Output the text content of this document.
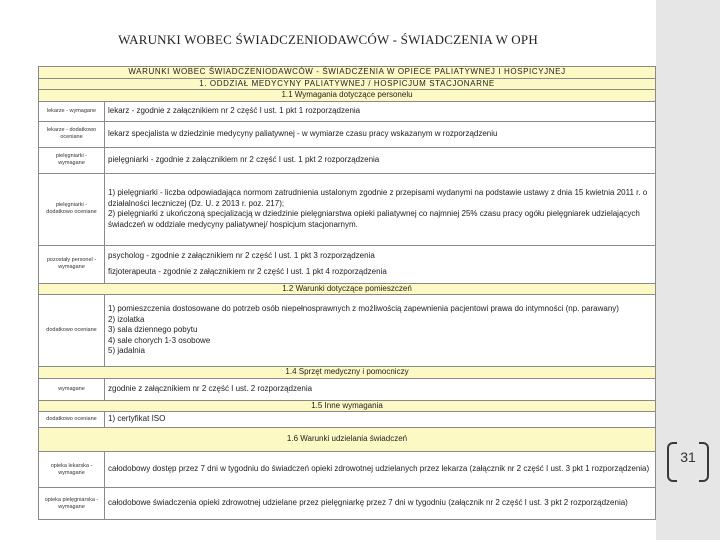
WARUNKI WOBEC ŚWIADCZENIODAWCÓW - ŚWIADCZENIA W OPH
WARUNKI WOBEC ŚWIADCZENIODAWCÓW - ŚWIADCZENIA W OPIECE PALIATYWNEJ I HOSPICYJNEJ	
1. ODDZIAŁ MEDYCYNY PALIATYWNEJ / HOSPICJUM STACJONARNE	
1.1 Wymagania dotyczące personelu	
lekarze - wymagane	lekarz - zgodnie z załącznikiem nr 2 część I ust. 1 pkt 1 rozporządzenia
lekarze - dodatkowo oceniane	lekarz specjalista w dziedzinie medycyny paliatywnej - w wymiarze czasu pracy wskazanym w rozporządzeniu
pielęgniarki - wymagane	pielęgniarki - zgodnie z załącznikiem nr 2 część I ust. 1 pkt 2 rozporządzenia
pielęgniarki - dodatkowo oceniane	1) pielęgniarki - liczba odpowiadająca normom zatrudnienia ustalonym zgodnie z przepisami wydanymi na podstawie ustawy z dnia 15 kwietnia 2011 r. o działalności leczniczej (Dz. U. z 2013 r. poz. 217);
2) pielęgniarki z ukończoną specjalizacją w dziedzinie pielęgniarstwa opieki paliatywnej co najmniej 25% czasu pracy ogółu pielęgniarek udzielających świadczeń w oddziale medycyny paliatywnej/ hospicjum stacjonarnym.

pozostały personel - wymagane	psycholog - zgodnie z załącznikiem nr 2 część I ust. 1 pkt 3 rozporządzenia
fizjoterapeuta - zgodnie z załącznikiem nr 2 część I ust. 1 pkt 4 rozporządzenia

1.2 Warunki dotyczące pomieszczeń	
dodatkowo oceniane	1) pomieszczenia dostosowane do potrzeb osób niepełnosprawnych z możliwością zapewnienia pacjentowi prawa do intymności (np. parawany)
2) izolatka
3) sala dziennego pobytu
4) sale chorych 1-3 osobowe
5) jadalnia

1.4 Sprzęt medyczny i pomocniczy	
wymagane	zgodnie z załącznikiem nr 2 część I ust. 2 rozporządzenia
1.5 Inne wymagania	
dodatkowo oceniane	1) certyfikat ISO
1.6 Warunki udzielania świadczeń	
opieka lekarska - wymagane	całodobowy dostęp przez 7 dni w tygodniu do świadczeń opieki zdrowotnej udzielanych przez lekarza (załącznik nr 2 część I ust. 3 pkt 1 rozporządzenia)
opieka pielęgniarska - wymagane	całodobowe świadczenia opieki zdrowotnej udzielane przez pielęgniarkę przez 7 dni w tygodniu (załącznik nr 2 część I ust. 3 pkt 2 rozporządzenia)
31
